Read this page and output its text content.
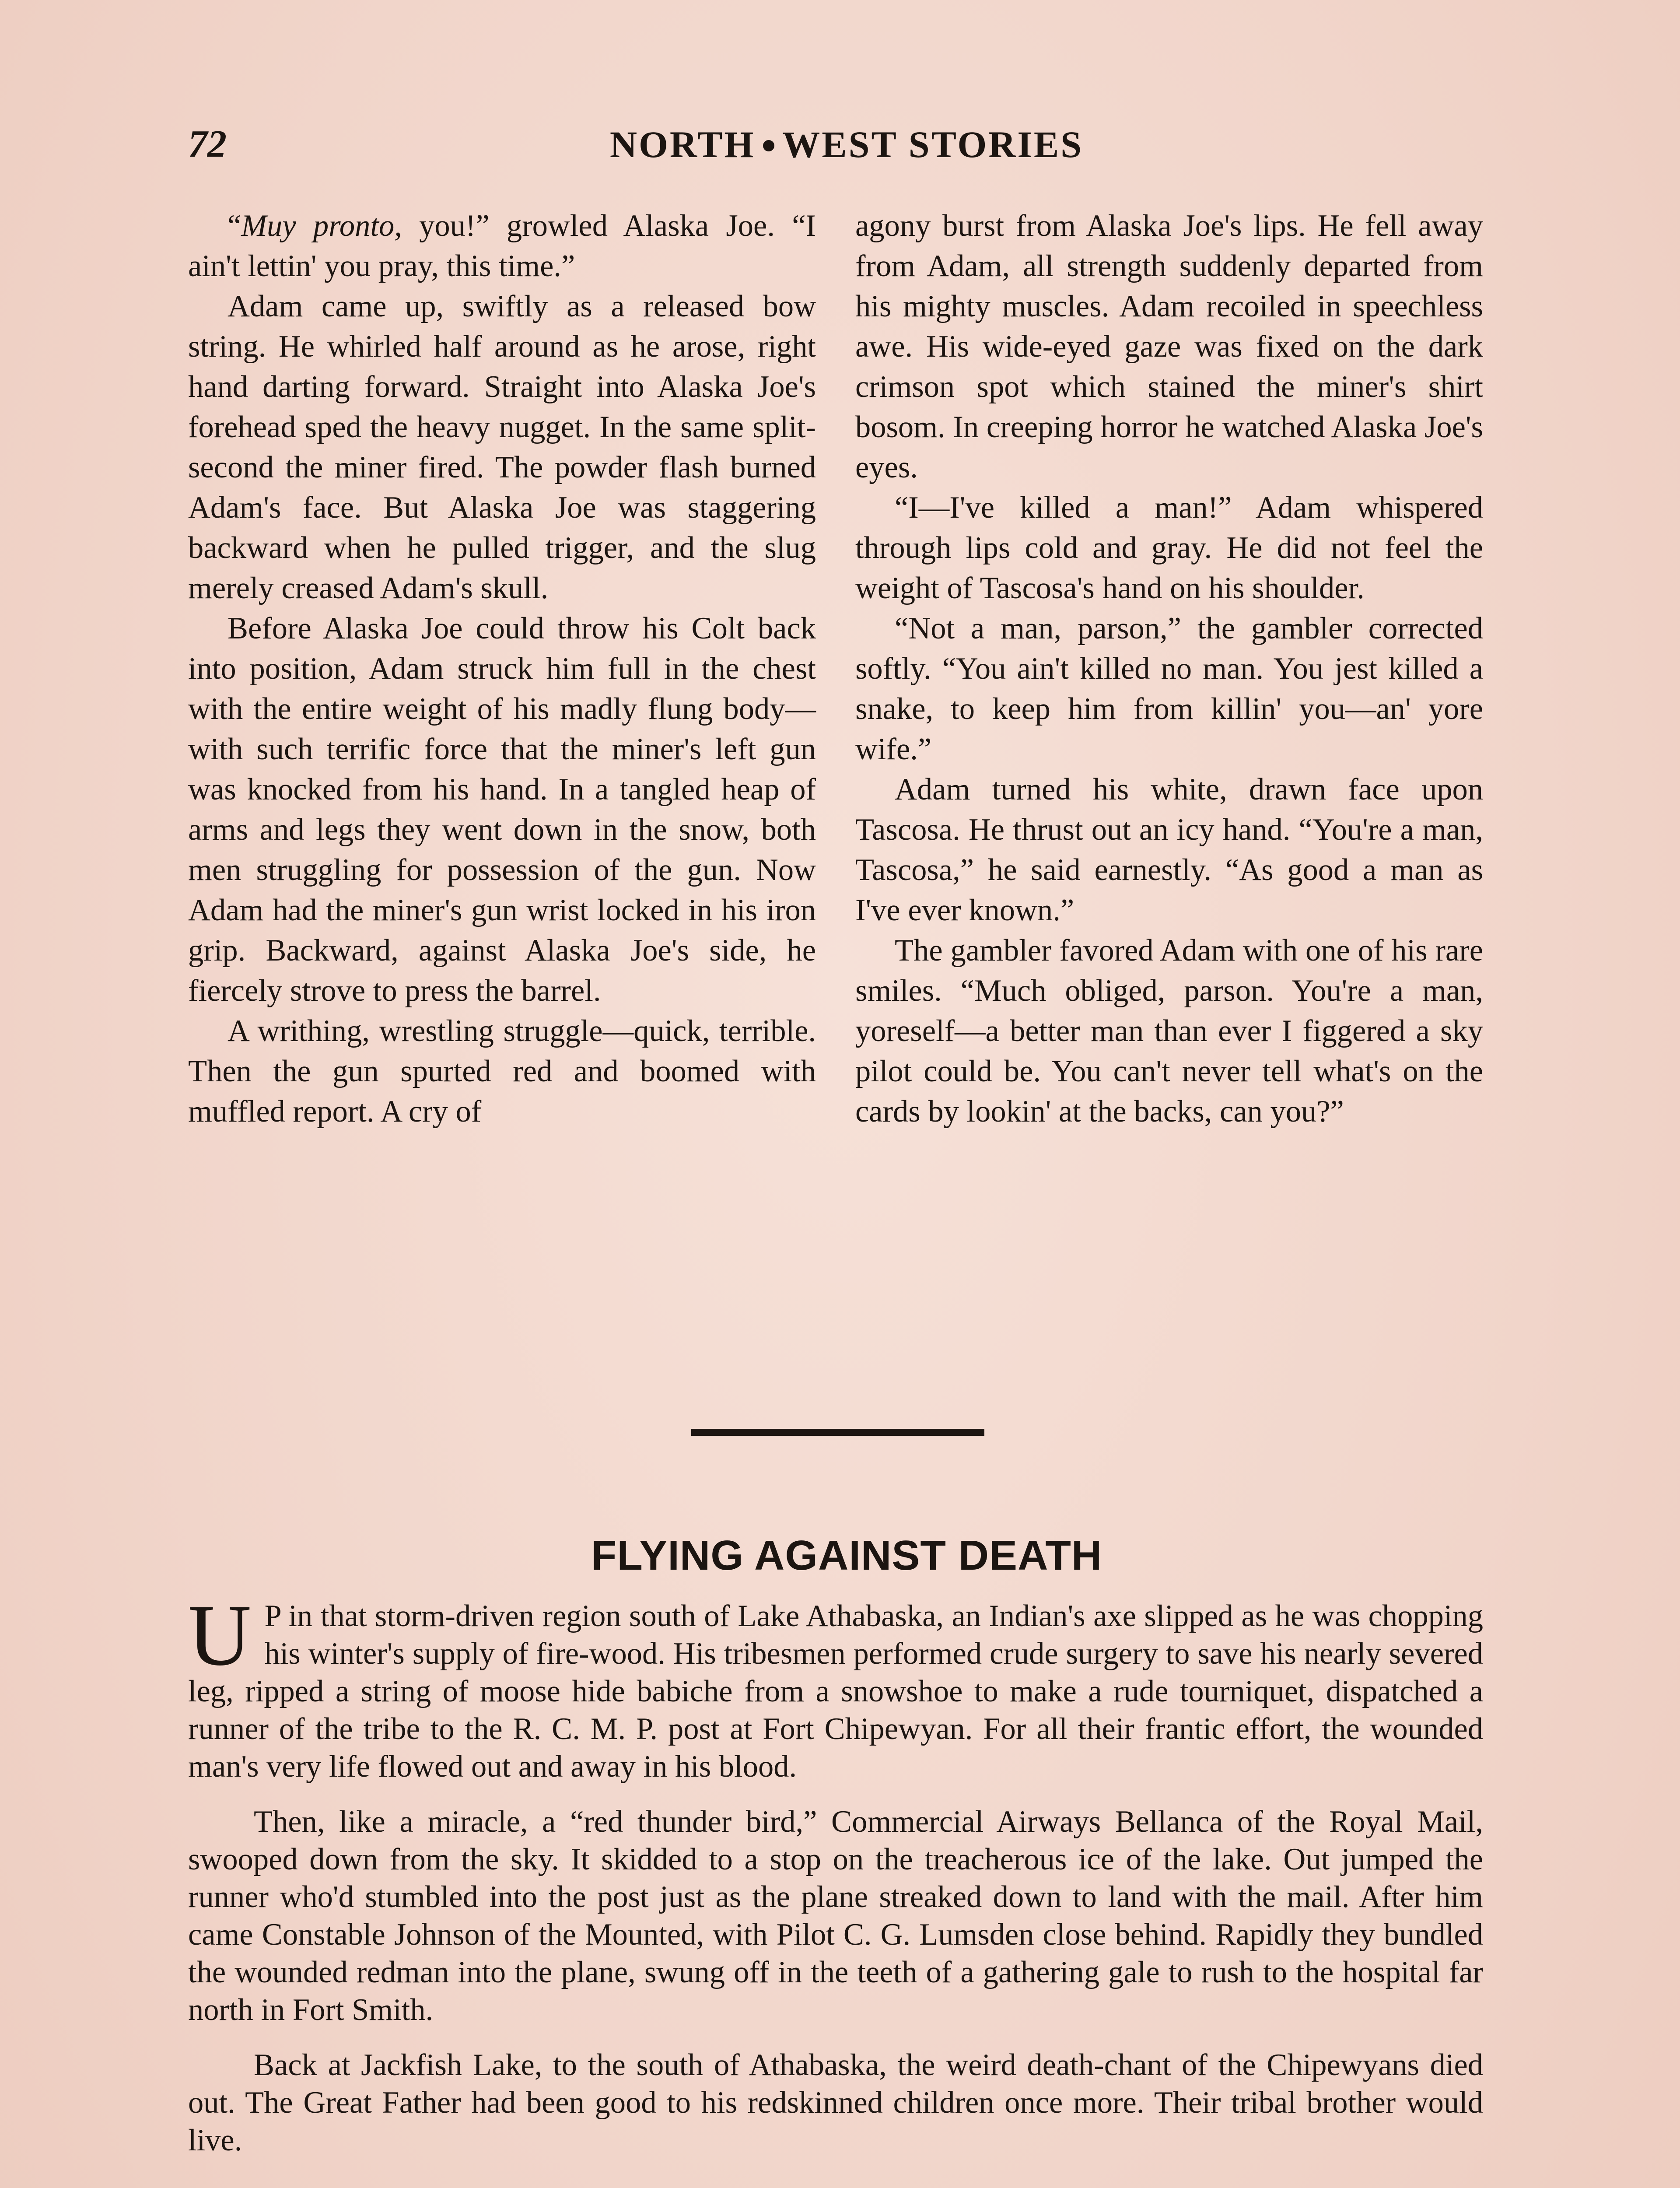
72	NORTH WEST STORIES

“Muy pronto, you!” growled Alaska Joe. “I ain't lettin' you pray, this time.”

Adam came up, swiftly as a released bow string. He whirled half around as he arose, right hand darting forward. Straight into Alaska Joe's forehead sped the heavy nugget. In the same split-second the miner fired. The powder flash burned Adam's face. But Alaska Joe was staggering backward when he pulled trigger, and the slug merely creased Adam's skull.

Before Alaska Joe could throw his Colt back into position, Adam struck him full in the chest with the entire weight of his madly flung body—with such terrific force that the miner's left gun was knocked from his hand. In a tangled heap of arms and legs they went down in the snow, both men struggling for possession of the gun. Now Adam had the miner's gun wrist locked in his iron grip. Backward, against Alaska Joe's side, he fiercely strove to press the barrel.

A writhing, wrestling struggle—quick, terrible. Then the gun spurted red and boomed with muffled report. A cry of

agony burst from Alaska Joe's lips. He fell away from Adam, all strength suddenly departed from his mighty muscles. Adam recoiled in speechless awe. His wide-eyed gaze was fixed on the dark crimson spot which stained the miner's shirt bosom. In creeping horror he watched Alaska Joe's eyes.

“I—I've killed a man!” Adam whispered through lips cold and gray. He did not feel the weight of Tascosa's hand on his shoulder.

“Not a man, parson,” the gambler corrected softly. “You ain't killed no man. You jest killed a snake, to keep him from killin' you—an' yore wife.”

Adam turned his white, drawn face upon Tascosa. He thrust out an icy hand. “You're a man, Tascosa,” he said earnestly. “As good a man as I've ever known.”

The gambler favored Adam with one of his rare smiles. “Much obliged, parson. You're a man, yoreself—a better man than ever I figgered a sky pilot could be. You can't never tell what's on the cards by lookin' at the backs, can you?”

FLYING AGAINST DEATH

U P in that storm-driven region south of Lake Athabaska, an Indian's axe slipped as he was chopping his winter's supply of fire-wood. His tribesmen performed crude surgery to save his nearly severed leg, ripped a string of moose hide babiche from a snowshoe to make a rude tourniquet, dispatched a runner of the tribe to the R. C. M. P. post at Fort Chipewyan. For all their frantic effort, the wounded man's very life flowed out and away in his blood.

Then, like a miracle, a “red thunder bird,” Commercial Airways Bellanca of the Royal Mail, swooped down from the sky. It skidded to a stop on the treacherous ice of the lake. Out jumped the runner who'd stumbled into the post just as the plane streaked down to land with the mail. After him came Constable Johnson of the Mounted, with Pilot C. G. Lumsden close behind. Rapidly they bundled the wounded redman into the plane, swung off in the teeth of a gathering gale to rush to the hospital far north in Fort Smith.

Back at Jackfish Lake, to the south of Athabaska, the weird death-chant of the Chipewyans died out. The Great Father had been good to his redskinned children once more. Their tribal brother would live.
